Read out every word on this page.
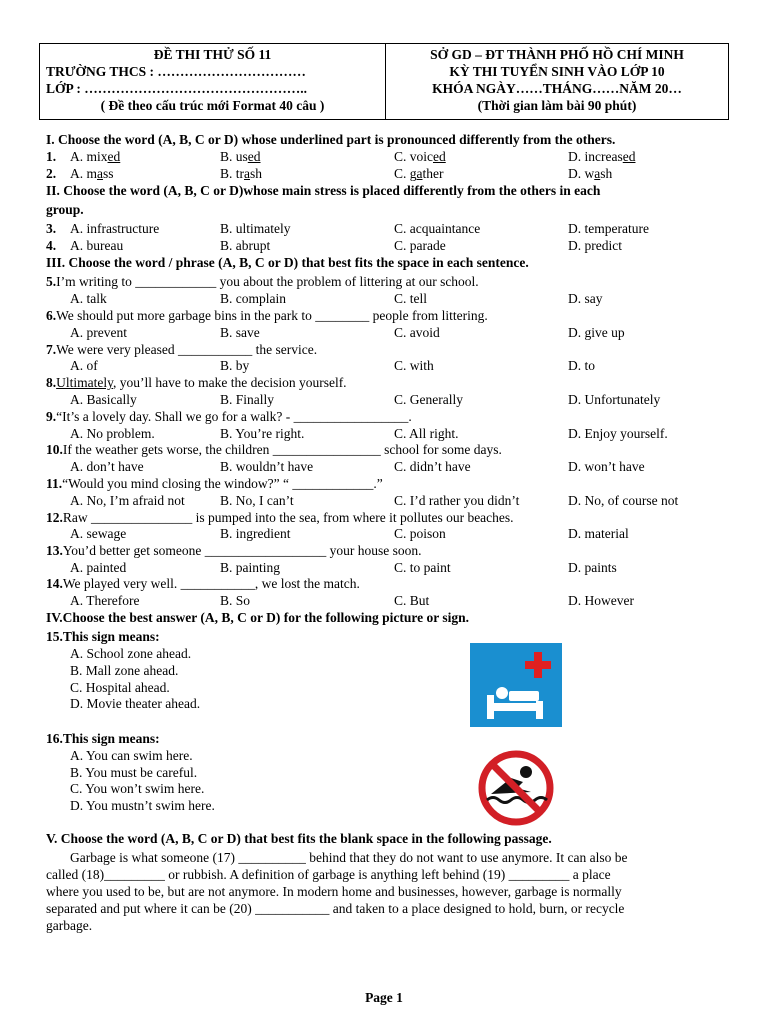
ĐỀ THI THỬ SỐ 11
TRƯỜNG THCS : ……………………………
LỚP : …………………………………………..
( Đề theo cấu trúc mới Format 40 câu )
SỞ GD – ĐT THÀNH PHỐ HỒ CHÍ MINH
KỲ THI TUYỂN SINH VÀO LỚP 10
KHÓA NGÀY……THÁNG……NĂM 20…
(Thời gian làm bài 90 phút)
I. Choose the word (A, B, C or D) whose underlined part is pronounced differently from the others.
1. A. mixed	B. used	C. voiced	D. increased
2. A. mass	B. trash	C. gather	D. wash
II. Choose the word (A, B, C or D)whose main stress is placed differently from the others in each
group.
3. A. infrastructure	B. ultimately	C. acquaintance	D. temperature
4. A. bureau	B. abrupt	C. parade	D. predict
III. Choose the word / phrase (A, B, C or D) that best fits the space in each sentence.
5.I’m writing to ____________ you about the problem of littering at our school.
A. talk	B. complain	C. tell	D. say
6.We should put more garbage bins in the park to ________ people from littering.
A. prevent	B. save	C. avoid	D. give up
7.We were very pleased ___________ the service.
A. of	B. by	C. with	D. to
8.Ultimately, you’ll have to make the decision yourself.
A. Basically	B. Finally	C. Generally	D. Unfortunately
9.“It’s a lovely day. Shall we go for a walk? - _________________.
A. No problem.	B. You’re right.	C. All right.	D. Enjoy yourself.
10.If the weather gets worse, the children ________________ school for some days.
A. don’t have	B. wouldn’t have	C. didn’t have	D. won’t have
11.“Would you mind closing the window?” “ ____________.”
A. No, I’m afraid not	B. No, I can’t	C. I’d rather you didn’t	D. No, of course not
12.Raw _______________ is pumped into the sea, from where it pollutes our beaches.
A. sewage	B. ingredient	C. poison	D. material
13.You’d better get someone __________________ your house soon.
A. painted	B. painting	C. to paint	D. paints
14.We played very well. ___________, we lost the match.
A. Therefore	B. So	C. But	D. However
IV.Choose the best answer (A, B, C or D) for the following picture or sign.
15.This sign means:
A. School zone ahead.
B. Mall zone ahead.
C. Hospital ahead.
D. Movie theater ahead.
16.This sign means:
A. You can swim here.
B. You must be careful.
C. You won’t swim here.
D. You mustn’t swim here.
V. Choose the word (A, B, C or D) that best fits the blank space in the following passage.
Garbage is what someone (17) __________ behind that they do not want to use anymore. It can also be
called (18)_________ or rubbish. A definition of garbage is anything left behind (19) _________ a place
where you used to be, but are not anymore. In modern home and businesses, however, garbage is normally
separated and put where it can be (20) ___________ and taken to a place designed to hold, burn, or recycle
garbage.
Page 1
